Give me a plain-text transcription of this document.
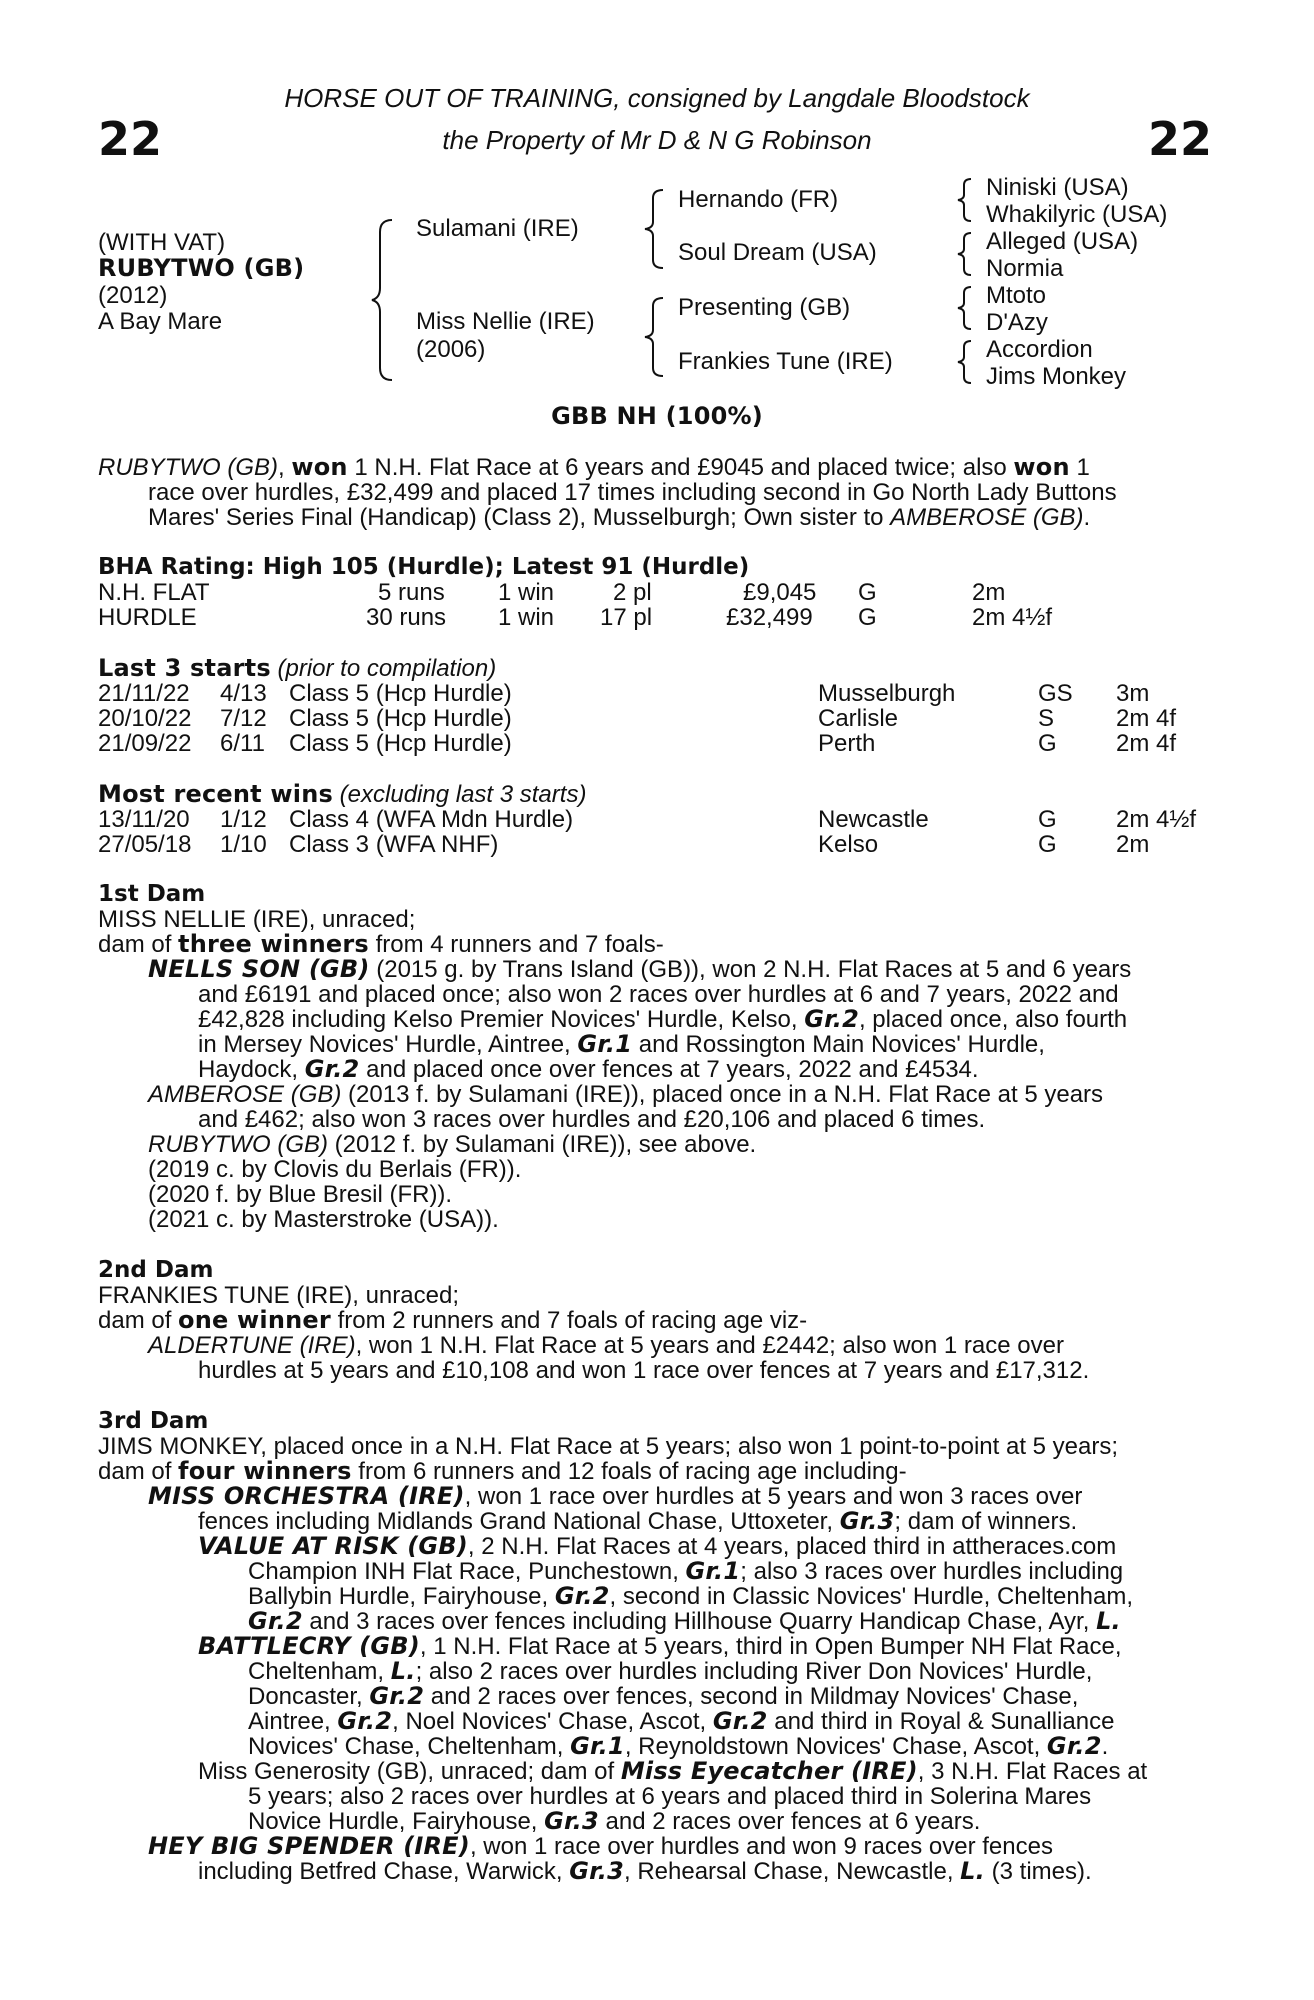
22	22
HORSE OUT OF TRAINING, consigned by Langdale Bloodstock
the Property of Mr D & N G Robinson
(WITH VAT)
RUBYTWO (GB)
(2012)
A Bay Mare
Sulamani (IRE)
Miss Nellie (IRE)
(2006)
Hernando (FR)
Soul Dream (USA)
Presenting (GB)
Frankies Tune (IRE)
Niniski (USA)
Whakilyric (USA)
Alleged (USA)
Normia
Mtoto
D'Azy
Accordion
Jims Monkey
GBB NH (100%)
RUBYTWO (GB), won 1 N.H. Flat Race at 6 years and £9045 and placed twice; also won 1
race over hurdles, £32,499 and placed 17 times including second in Go North Lady Buttons
Mares' Series Final (Handicap) (Class 2), Musselburgh; Own sister to AMBEROSE (GB).
BHA Rating: High 105 (Hurdle); Latest 91 (Hurdle)
N.H. FLAT	5 runs 1 win 2 pl	£9,045 G	2m
HURDLE	30 runs 1 win 17 pl	£32,499 G	2m 4½f
Last 3 starts (prior to compilation)
21/11/22 4/13 Class 5 (Hcp Hurdle)	Musselburgh	GS 3m
20/10/22 7/12 Class 5 (Hcp Hurdle)	Carlisle	S	2m 4f
21/09/22 6/11 Class 5 (Hcp Hurdle)	Perth	G 2m 4f
Most recent wins (excluding last 3 starts)
13/11/20 1/12 Class 4 (WFA Mdn Hurdle)	Newcastle	G 2m 4½f
27/05/18 1/10 Class 3 (WFA NHF)	Kelso	G 2m
1st Dam
MISS NELLIE (IRE), unraced;
dam of three winners from 4 runners and 7 foals-
NELLS SON (GB) (2015 g. by Trans Island (GB)), won 2 N.H. Flat Races at 5 and 6 years
and £6191 and placed once; also won 2 races over hurdles at 6 and 7 years, 2022 and
£42,828 including Kelso Premier Novices' Hurdle, Kelso, Gr.2, placed once, also fourth
in Mersey Novices' Hurdle, Aintree, Gr.1 and Rossington Main Novices' Hurdle,
Haydock, Gr.2 and placed once over fences at 7 years, 2022 and £4534.
AMBEROSE (GB) (2013 f. by Sulamani (IRE)), placed once in a N.H. Flat Race at 5 years
and £462; also won 3 races over hurdles and £20,106 and placed 6 times.
RUBYTWO (GB) (2012 f. by Sulamani (IRE)), see above.
(2019 c. by Clovis du Berlais (FR)).
(2020 f. by Blue Bresil (FR)).
(2021 c. by Masterstroke (USA)).
2nd Dam
FRANKIES TUNE (IRE), unraced;
dam of one winner from 2 runners and 7 foals of racing age viz-
ALDERTUNE (IRE), won 1 N.H. Flat Race at 5 years and £2442; also won 1 race over
hurdles at 5 years and £10,108 and won 1 race over fences at 7 years and £17,312.
3rd Dam
JIMS MONKEY, placed once in a N.H. Flat Race at 5 years; also won 1 point-to-point at 5 years;
dam of four winners from 6 runners and 12 foals of racing age including-
MISS ORCHESTRA (IRE), won 1 race over hurdles at 5 years and won 3 races over
fences including Midlands Grand National Chase, Uttoxeter, Gr.3; dam of winners.
VALUE AT RISK (GB), 2 N.H. Flat Races at 4 years, placed third in attheraces.com
Champion INH Flat Race, Punchestown, Gr.1; also 3 races over hurdles including
Ballybin Hurdle, Fairyhouse, Gr.2, second in Classic Novices' Hurdle, Cheltenham,
Gr.2 and 3 races over fences including Hillhouse Quarry Handicap Chase, Ayr, L.
BATTLECRY (GB), 1 N.H. Flat Race at 5 years, third in Open Bumper NH Flat Race,
Cheltenham, L.; also 2 races over hurdles including River Don Novices' Hurdle,
Doncaster, Gr.2 and 2 races over fences, second in Mildmay Novices' Chase,
Aintree, Gr.2, Noel Novices' Chase, Ascot, Gr.2 and third in Royal & Sunalliance
Novices' Chase, Cheltenham, Gr.1, Reynoldstown Novices' Chase, Ascot, Gr.2.
Miss Generosity (GB), unraced; dam of Miss Eyecatcher (IRE), 3 N.H. Flat Races at
5 years; also 2 races over hurdles at 6 years and placed third in Solerina Mares
Novice Hurdle, Fairyhouse, Gr.3 and 2 races over fences at 6 years.
HEY BIG SPENDER (IRE), won 1 race over hurdles and won 9 races over fences
including Betfred Chase, Warwick, Gr.3, Rehearsal Chase, Newcastle, L. (3 times).
